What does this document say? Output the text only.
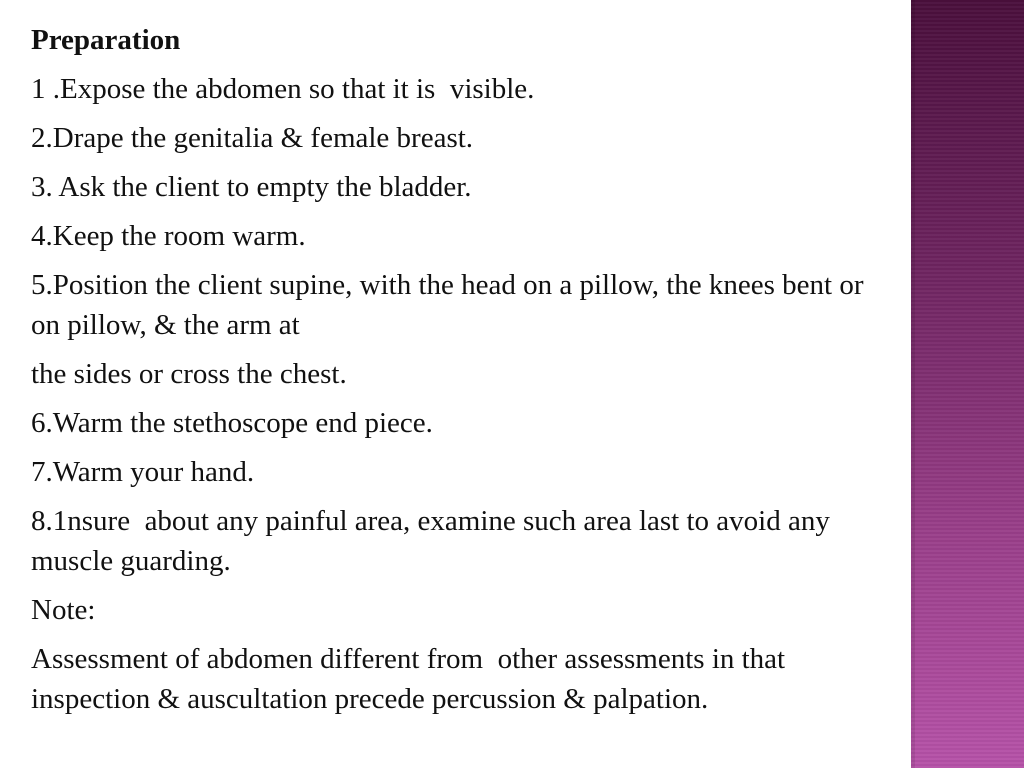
Preparation
1 .Expose the abdomen so that it is  visible.
2.Drape the genitalia & female breast.
3. Ask the client to empty the bladder.
4.Keep the room warm.
5.Position the client supine, with the head on a pillow, the knees bent or on pillow, & the arm at
the sides or cross the chest.
6.Warm the stethoscope end piece.
7.Warm your hand.
8.1nsure  about any painful area, examine such area last to avoid any muscle guarding.
Note:
Assessment of abdomen different from  other assessments in that inspection & auscultation precede percussion & palpation.
